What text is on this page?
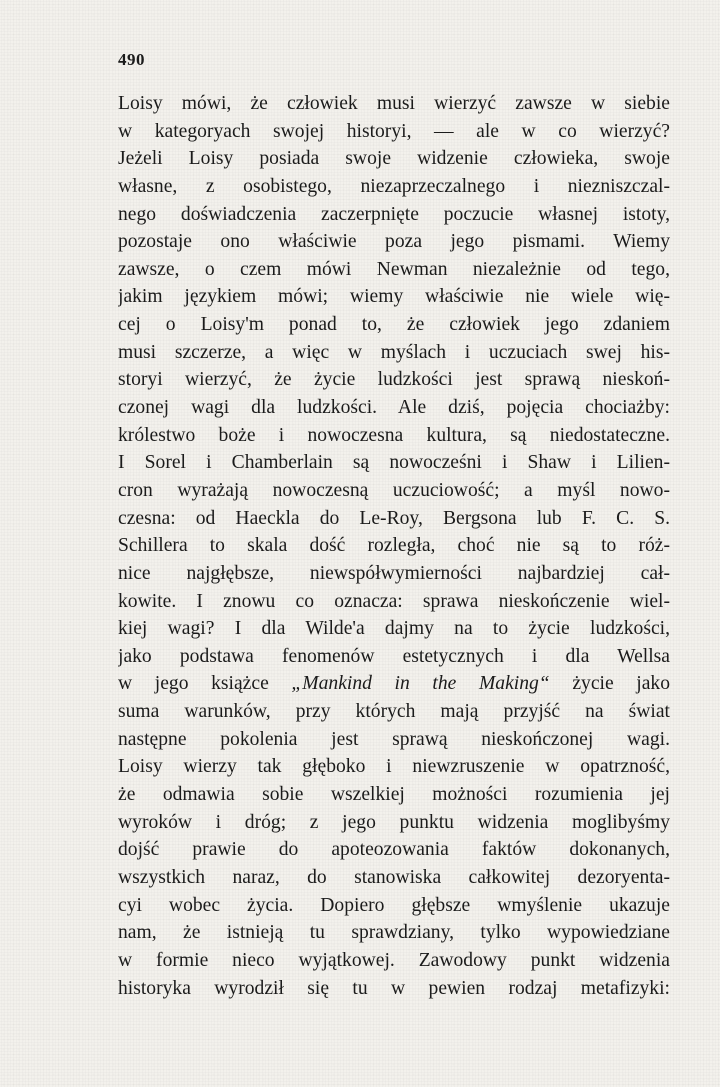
490
Loisy mówi, że człowiek musi wierzyć zawsze w siebie
w kategoryach swojej historyi, — ale w co wierzyć?
Jeżeli Loisy posiada swoje widzenie człowieka, swoje
własne, z osobistego, niezaprzeczalnego i niezniszczal-
nego doświadczenia zaczerpnięte poczucie własnej istoty,
pozostaje ono właściwie poza jego pismami. Wiemy
zawsze, o czem mówi Newman niezależnie od tego,
jakim językiem mówi; wiemy właściwie nie wiele wię-
cej o Loisy'm ponad to, że człowiek jego zdaniem
musi szczerze, a więc w myślach i uczuciach swej his-
storyi wierzyć, że życie ludzkości jest sprawą nieskoń-
czonej wagi dla ludzkości. Ale dziś, pojęcia chociażby:
królestwo boże i nowoczesna kultura, są niedostateczne.
I Sorel i Chamberlain są nowocześni i Shaw i Lilien-
cron wyrażają nowoczesną uczuciowość; a myśl nowo-
czesna: od Haeckla do Le-Roy, Bergsona lub F. C. S.
Schillera to skala dość rozległa, choć nie są to róż-
nice najgłębsze, niewspółwymierności najbardziej cał-
kowite. I znowu co oznacza: sprawa nieskończenie wiel-
kiej wagi? I dla Wilde'a dajmy na to życie ludzkości,
jako podstawa fenomenów estetycznych i dla Wellsa
w jego książce „Mankind in the Making“ życie jako
suma warunków, przy których mają przyjść na świat
następne pokolenia jest sprawą nieskończonej wagi.
Loisy wierzy tak głęboko i niewzruszenie w opatrzność,
że odmawia sobie wszelkiej możności rozumienia jej
wyroków i dróg; z jego punktu widzenia moglibyśmy
dojść prawie do apoteozowania faktów dokonanych,
wszystkich naraz, do stanowiska całkowitej dezoryenta-
cyi wobec życia. Dopiero głębsze wmyślenie ukazuje
nam, że istnieją tu sprawdziany, tylko wypowiedziane
w formie nieco wyjątkowej. Zawodowy punkt widzenia
historyka wyrodził się tu w pewien rodzaj metafizyki:
